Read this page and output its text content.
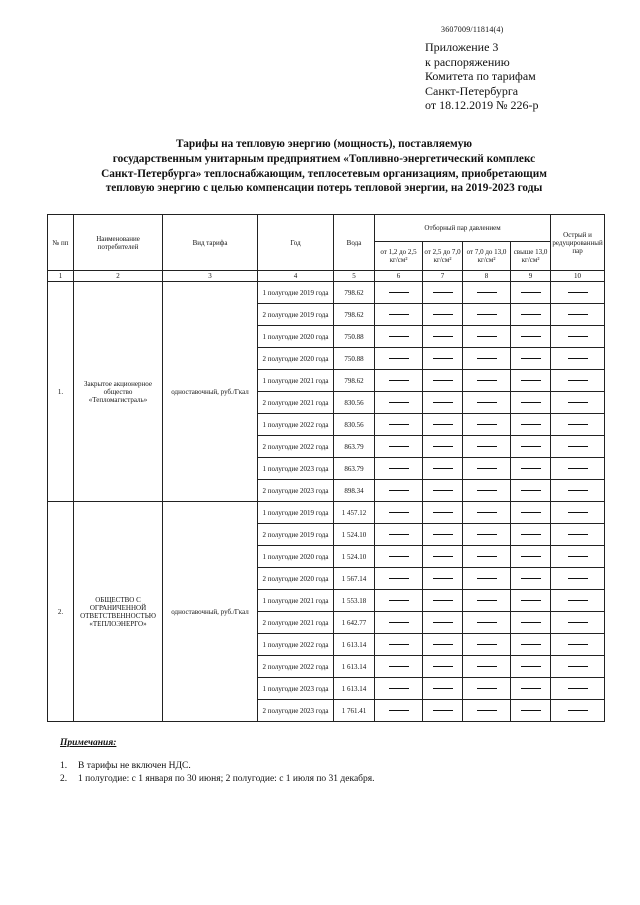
3607009/11814(4)
Приложение 3
к распоряжению
Комитета по тарифам
Санкт-Петербурга
от 18.12.2019 № 226-р
Тарифы на тепловую энергию (мощность), поставляемую
государственным унитарным предприятием «Топливно-энергетический комплекс
Санкт-Петербурга» теплоснабжающим, теплосетевым организациям, приобретающим
тепловую энергию с целью компенсации потерь тепловой энергии, на 2019-2023 годы
№ пп	Наименование потребителей	Вид тарифа	Год	Вода	Отборный пар давлением				Острый и редуцированный пар
					от 1,2 до 2,5 кг/см²	от 2,5 до 7,0 кг/см²	от 7,0 до 13,0 кг/см²	свыше 13,0 кг/см²	
1	2	3	4	5	6	7	8	9	10
1.	Закрытое акционерное общество «Тепломагистраль»	одноставочный, руб./Гкал	1 полугодие 2019 года	798.62					
			2 полугодие 2019 года	798.62					
			1 полугодие 2020 года	750.88					
			2 полугодие 2020 года	750.88					
			1 полугодие 2021 года	798.62					
			2 полугодие 2021 года	830.56					
			1 полугодие 2022 года	830.56					
			2 полугодие 2022 года	863.79					
			1 полугодие 2023 года	863.79					
			2 полугодие 2023 года	898.34					
2.	ОБЩЕСТВО С ОГРАНИЧЕННОЙ ОТВЕТСТВЕННОСТЬЮ «ТЕПЛОЭНЕРГО»	одноставочный, руб./Гкал	1 полугодие 2019 года	1 457.12					
			2 полугодие 2019 года	1 524.10					
			1 полугодие 2020 года	1 524.10					
			2 полугодие 2020 года	1 567.14					
			1 полугодие 2021 года	1 553.18					
			2 полугодие 2021 года	1 642.77					
			1 полугодие 2022 года	1 613.14					
			2 полугодие 2022 года	1 613.14					
			1 полугодие 2023 года	1 613.14					
			2 полугодие 2023 года	1 761.41					
Примечания:
1.	В тарифы не включен НДС.
2.	1 полугодие: с 1 января по 30 июня; 2 полугодие: с 1 июля по 31 декабря.
